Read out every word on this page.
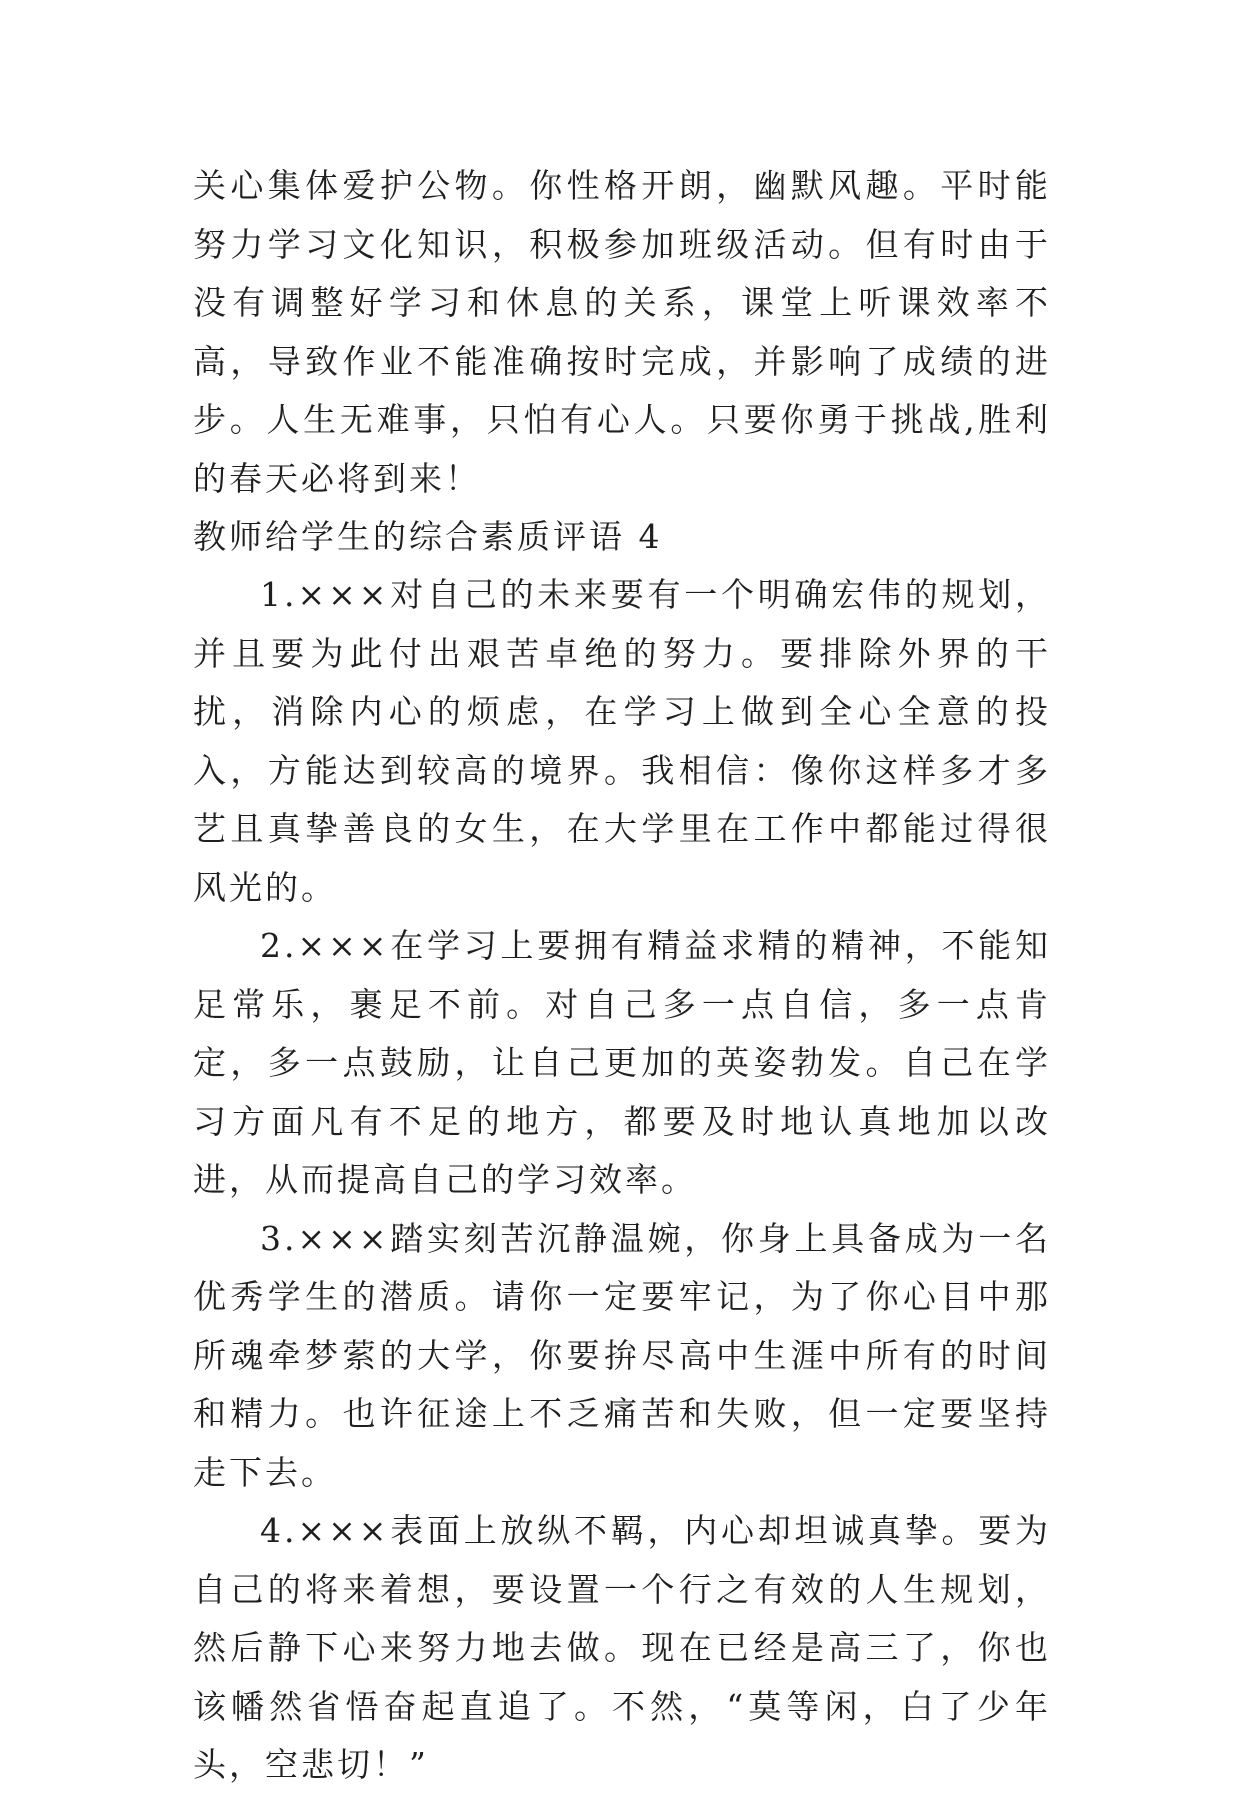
关心集体爱护公物。你性格开朗，幽默风趣。平时能努力学习文化知识，积极参加班级活动。但有时由于没有调整好学习和休息的关系，课堂上听课效率不高，导致作业不能准确按时完成，并影响了成绩的进步。人生无难事，只怕有心人。只要你勇于挑战,胜利的春天必将到来！

教师给学生的综合素质评语 4

1.×××对自己的未来要有一个明确宏伟的规划，并且要为此付出艰苦卓绝的努力。要排除外界的干扰，消除内心的烦虑，在学习上做到全心全意的投入，方能达到较高的境界。我相信：像你这样多才多艺且真挚善良的女生，在大学里在工作中都能过得很风光的。

2.×××在学习上要拥有精益求精的精神，不能知足常乐，裹足不前。对自己多一点自信，多一点肯定，多一点鼓励，让自己更加的英姿勃发。自己在学习方面凡有不足的地方，都要及时地认真地加以改进，从而提高自己的学习效率。

3.×××踏实刻苦沉静温婉，你身上具备成为一名优秀学生的潜质。请你一定要牢记，为了你心目中那所魂牵梦萦的大学，你要拚尽高中生涯中所有的时间和精力。也许征途上不乏痛苦和失败，但一定要坚持走下去。

4.×××表面上放纵不羁，内心却坦诚真挚。要为自己的将来着想，要设置一个行之有效的人生规划，然后静下心来努力地去做。现在已经是高三了，你也该幡然省悟奋起直追了。不然，“莫等闲，白了少年头，空悲切！”
